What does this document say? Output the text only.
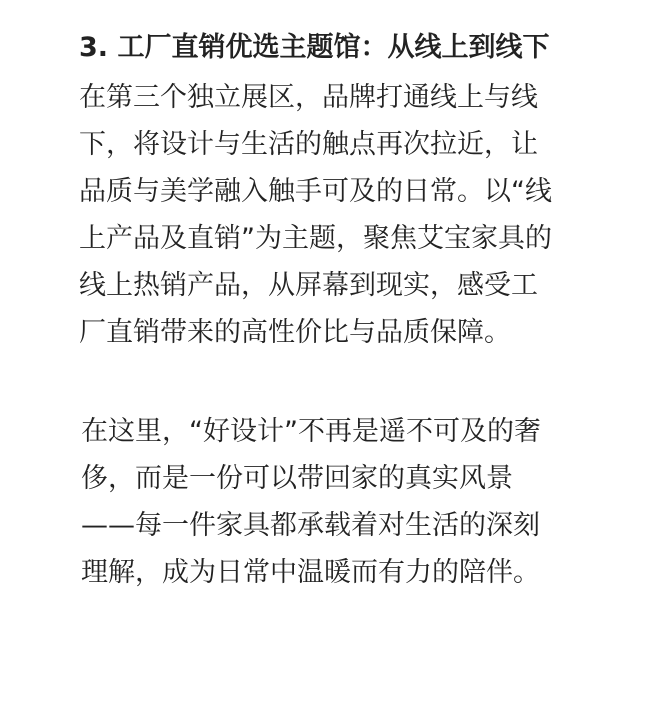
3. 工厂直销优选主题馆：从线上到线下

在第三个独立展区，品牌打通线上与线
下，将设计与生活的触点再次拉近，让
品质与美学融入触手可及的日常。以“线
上产品及直销”为主题，聚焦艾宝家具的
线上热销产品，从屏幕到现实，感受工
厂直销带来的高性价比与品质保障。

在这里，“好设计”不再是遥不可及的奢
侈，而是一份可以带回家的真实风景
——每一件家具都承载着对生活的深刻
理解，成为日常中温暖而有力的陪伴。
